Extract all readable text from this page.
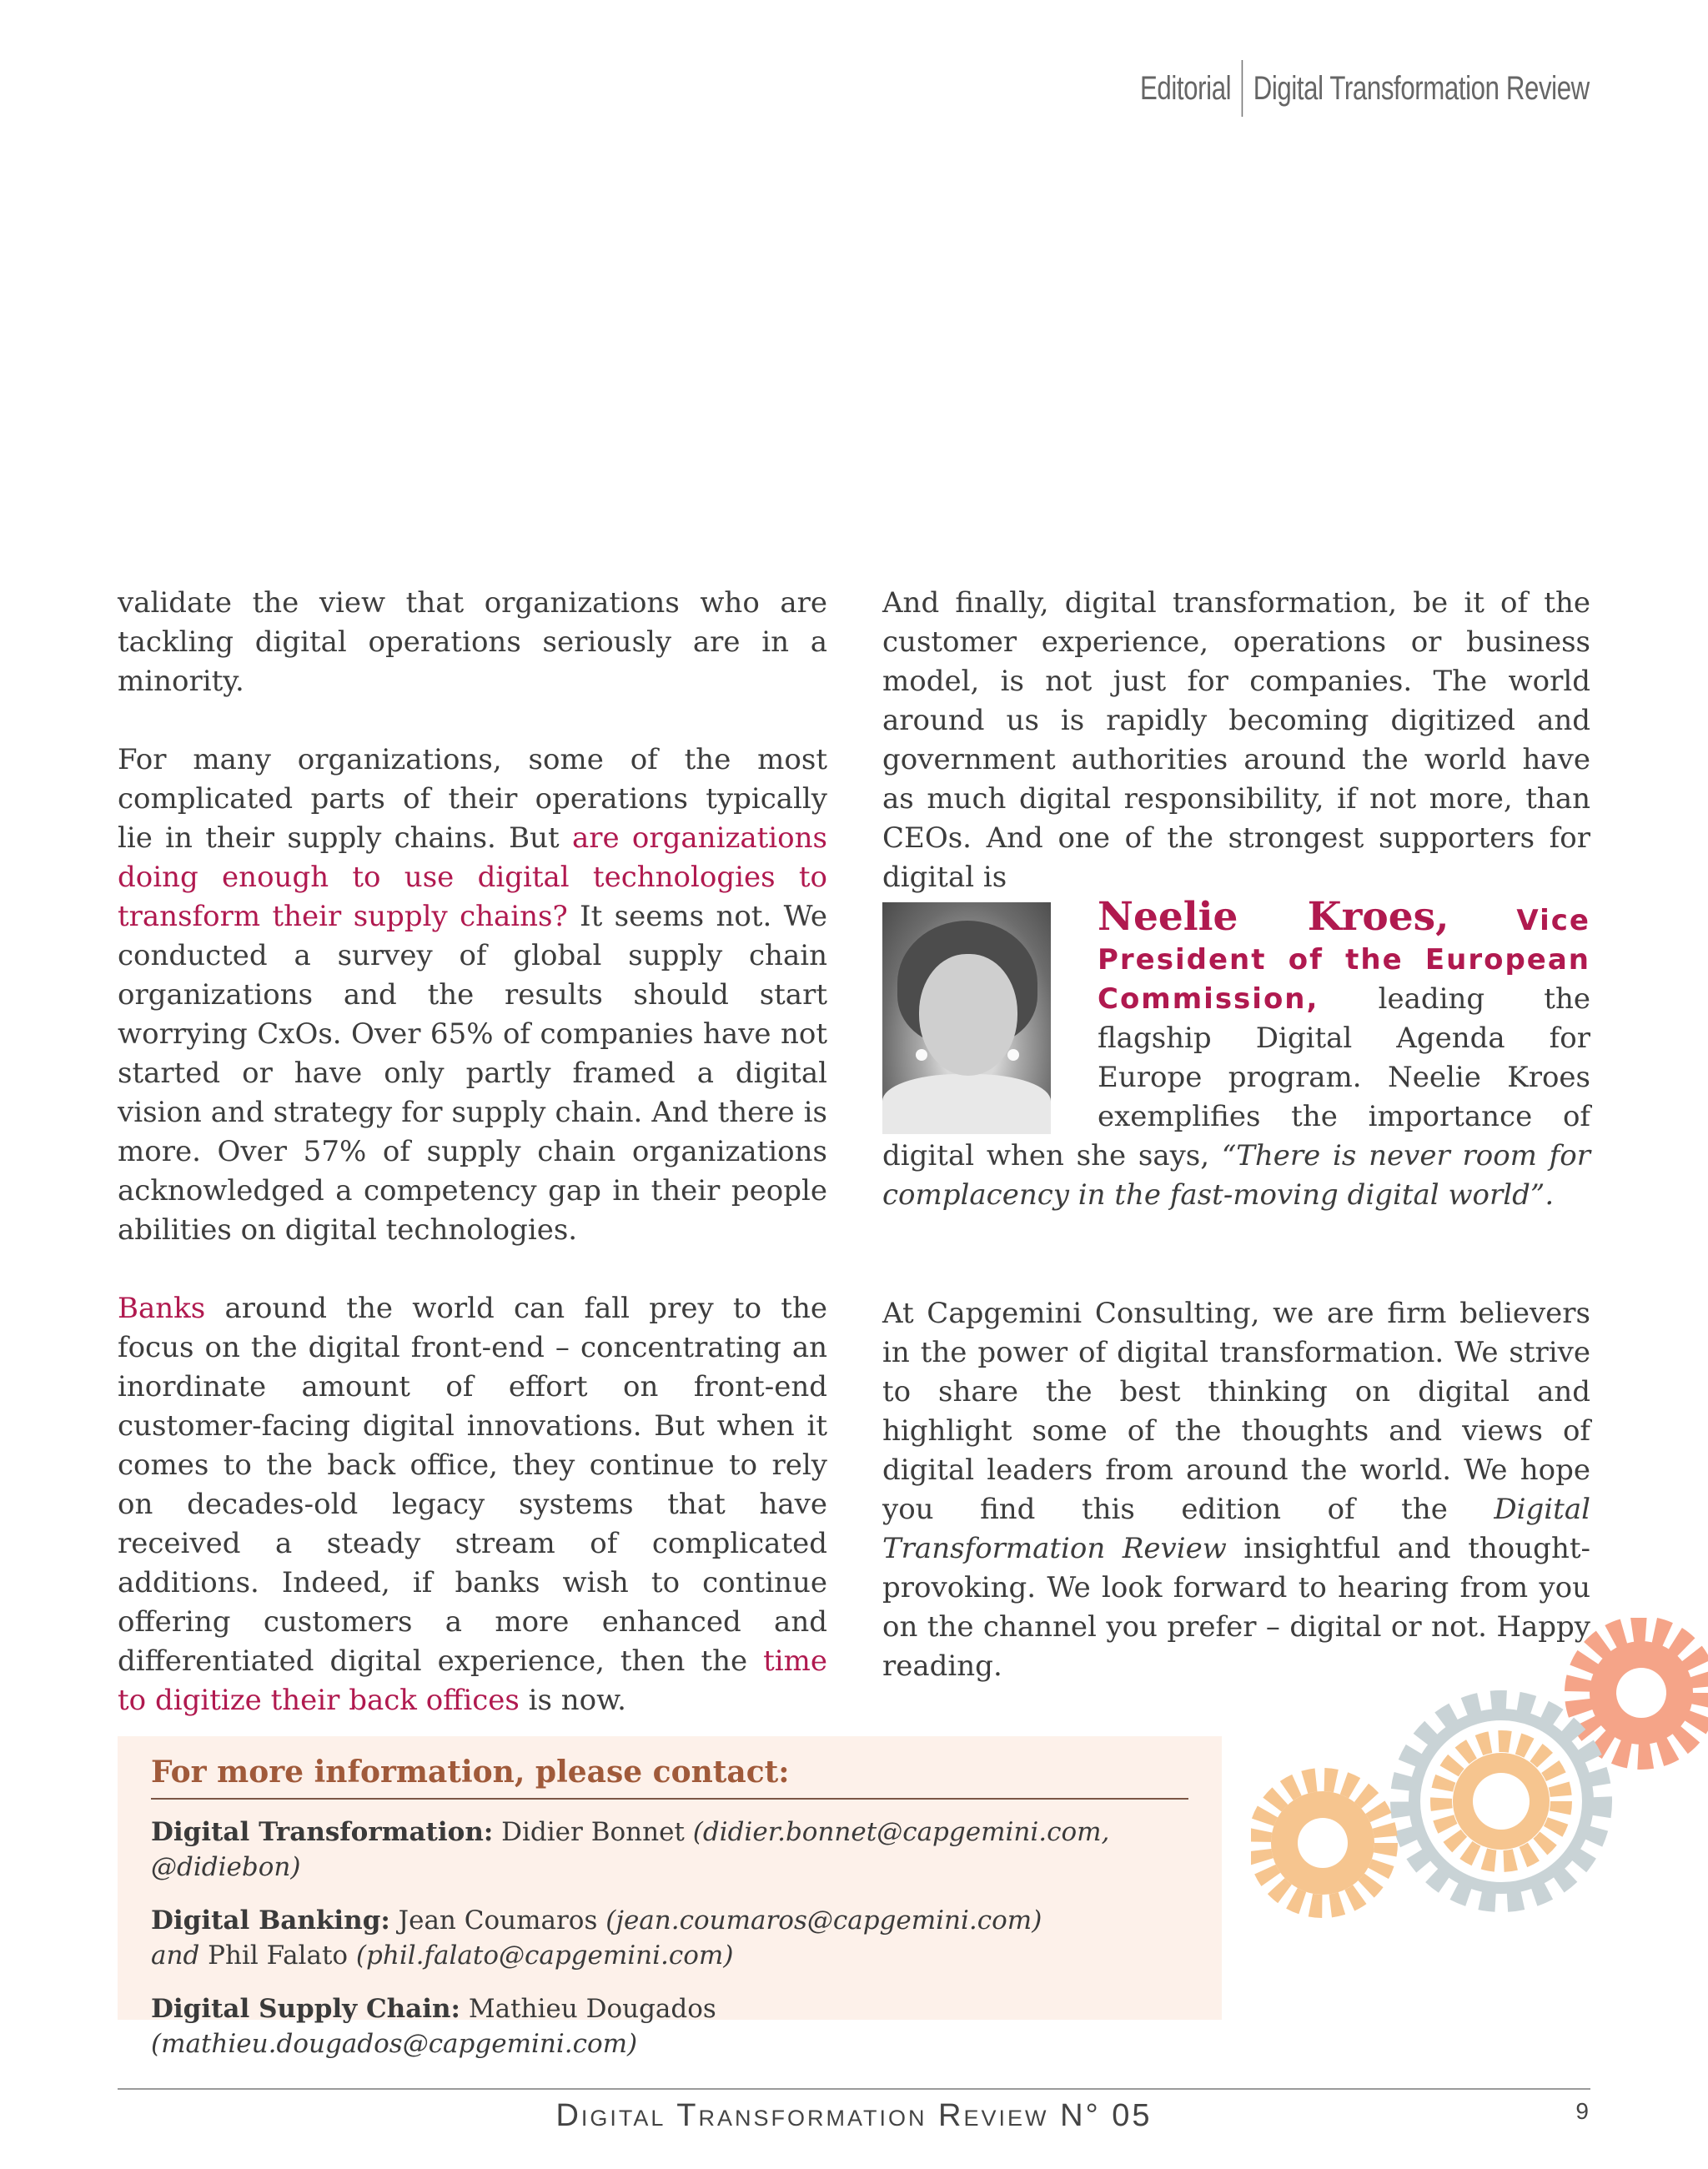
Editorial Digital Transformation Review

validate the view that organizations who are tackling digital operations seriously are in a minority.

For many organizations, some of the most complicated parts of their operations typically lie in their supply chains. But are organizations doing enough to use digital technologies to transform their supply chains? It seems not. We conducted a survey of global supply chain organizations and the results should start worrying CxOs. Over 65% of companies have not started or have only partly framed a digital vision and strategy for supply chain. And there is more. Over 57% of supply chain organizations acknowledged a competency gap in their people abilities on digital technologies.

Banks around the world can fall prey to the focus on the digital front-end – concentrating an inordinate amount of effort on front-end customer-facing digital innovations. But when it comes to the back office, they continue to rely on decades-old legacy systems that have received a steady stream of complicated additions. Indeed, if banks wish to continue offering customers a more enhanced and differentiated digital experience, then the time to digitize their back offices is now.

And finally, digital transformation, be it of the customer experience, operations or business model, is not just for companies. The world around us is rapidly becoming digitized and government authorities around the world have as much digital responsibility, if not more, than CEOs. And one of the strongest supporters for digital is

Neelie Kroes, Vice President of the European Commission, leading the flagship Digital Agenda for Europe program. Neelie Kroes exemplifies the importance of digital when she says, “There is never room for complacency in the fast-moving digital world”.

At Capgemini Consulting, we are firm believers in the power of digital transformation. We strive to share the best thinking on digital and highlight some of the thoughts and views of digital leaders from around the world. We hope you find this edition of the Digital Transformation Review insightful and thought-provoking. We look forward to hearing from you on the channel you prefer – digital or not. Happy reading.

For more information, please contact:
Digital Transformation: Didier Bonnet (didier.bonnet@capgemini.com, @didiebon)
Digital Banking: Jean Coumaros (jean.coumaros@capgemini.com)
and Phil Falato (phil.falato@capgemini.com)
Digital Supply Chain: Mathieu Dougados (mathieu.dougados@capgemini.com)
Digital Transformation Review N° 05	9
